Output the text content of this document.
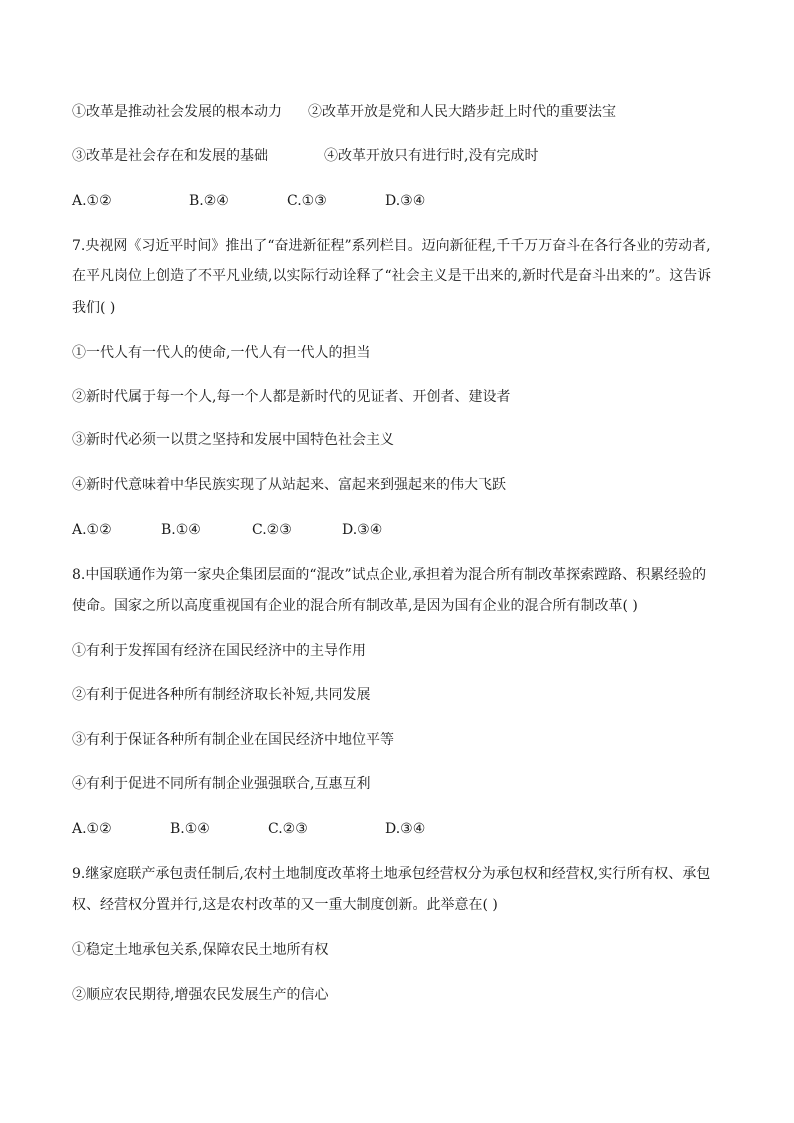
①改革是推动社会发展的根本动力 ②改革开放是党和人民大踏步赶上时代的重要法宝
③改革是社会存在和发展的基础	④改革开放只有进行时,没有完成时
A.①②	B.②④	C.①③	D.③④
7.央视网《习近平时间》推出了“奋进新征程”系列栏目。迈向新征程,千千万万奋斗在各行各业的劳动者,
在平凡岗位上创造了不平凡业绩,以实际行动诠释了“社会主义是干出来的,新时代是奋斗出来的”。这告诉
我们( )
①一代人有一代人的使命,一代人有一代人的担当
②新时代属于每一个人,每一个人都是新时代的见证者、开创者、建设者
③新时代必须一以贯之坚持和发展中国特色社会主义
④新时代意味着中华民族实现了从站起来、富起来到强起来的伟大飞跃
A.①②	B.①④	C.②③	D.③④
8.中国联通作为第一家央企集团层面的“混改”试点企业,承担着为混合所有制改革探索蹚路、积累经验的
使命。国家之所以高度重视国有企业的混合所有制改革,是因为国有企业的混合所有制改革( )
①有利于发挥国有经济在国民经济中的主导作用
②有利于促进各种所有制经济取长补短,共同发展
③有利于保证各种所有制企业在国民经济中地位平等
④有利于促进不同所有制企业强强联合,互惠互利
A.①②	B.①④	C.②③	D.③④
9.继家庭联产承包责任制后,农村土地制度改革将土地承包经营权分为承包权和经营权,实行所有权、承包
权、经营权分置并行,这是农村改革的又一重大制度创新。此举意在( )
①稳定土地承包关系,保障农民土地所有权
②顺应农民期待,增强农民发展生产的信心
